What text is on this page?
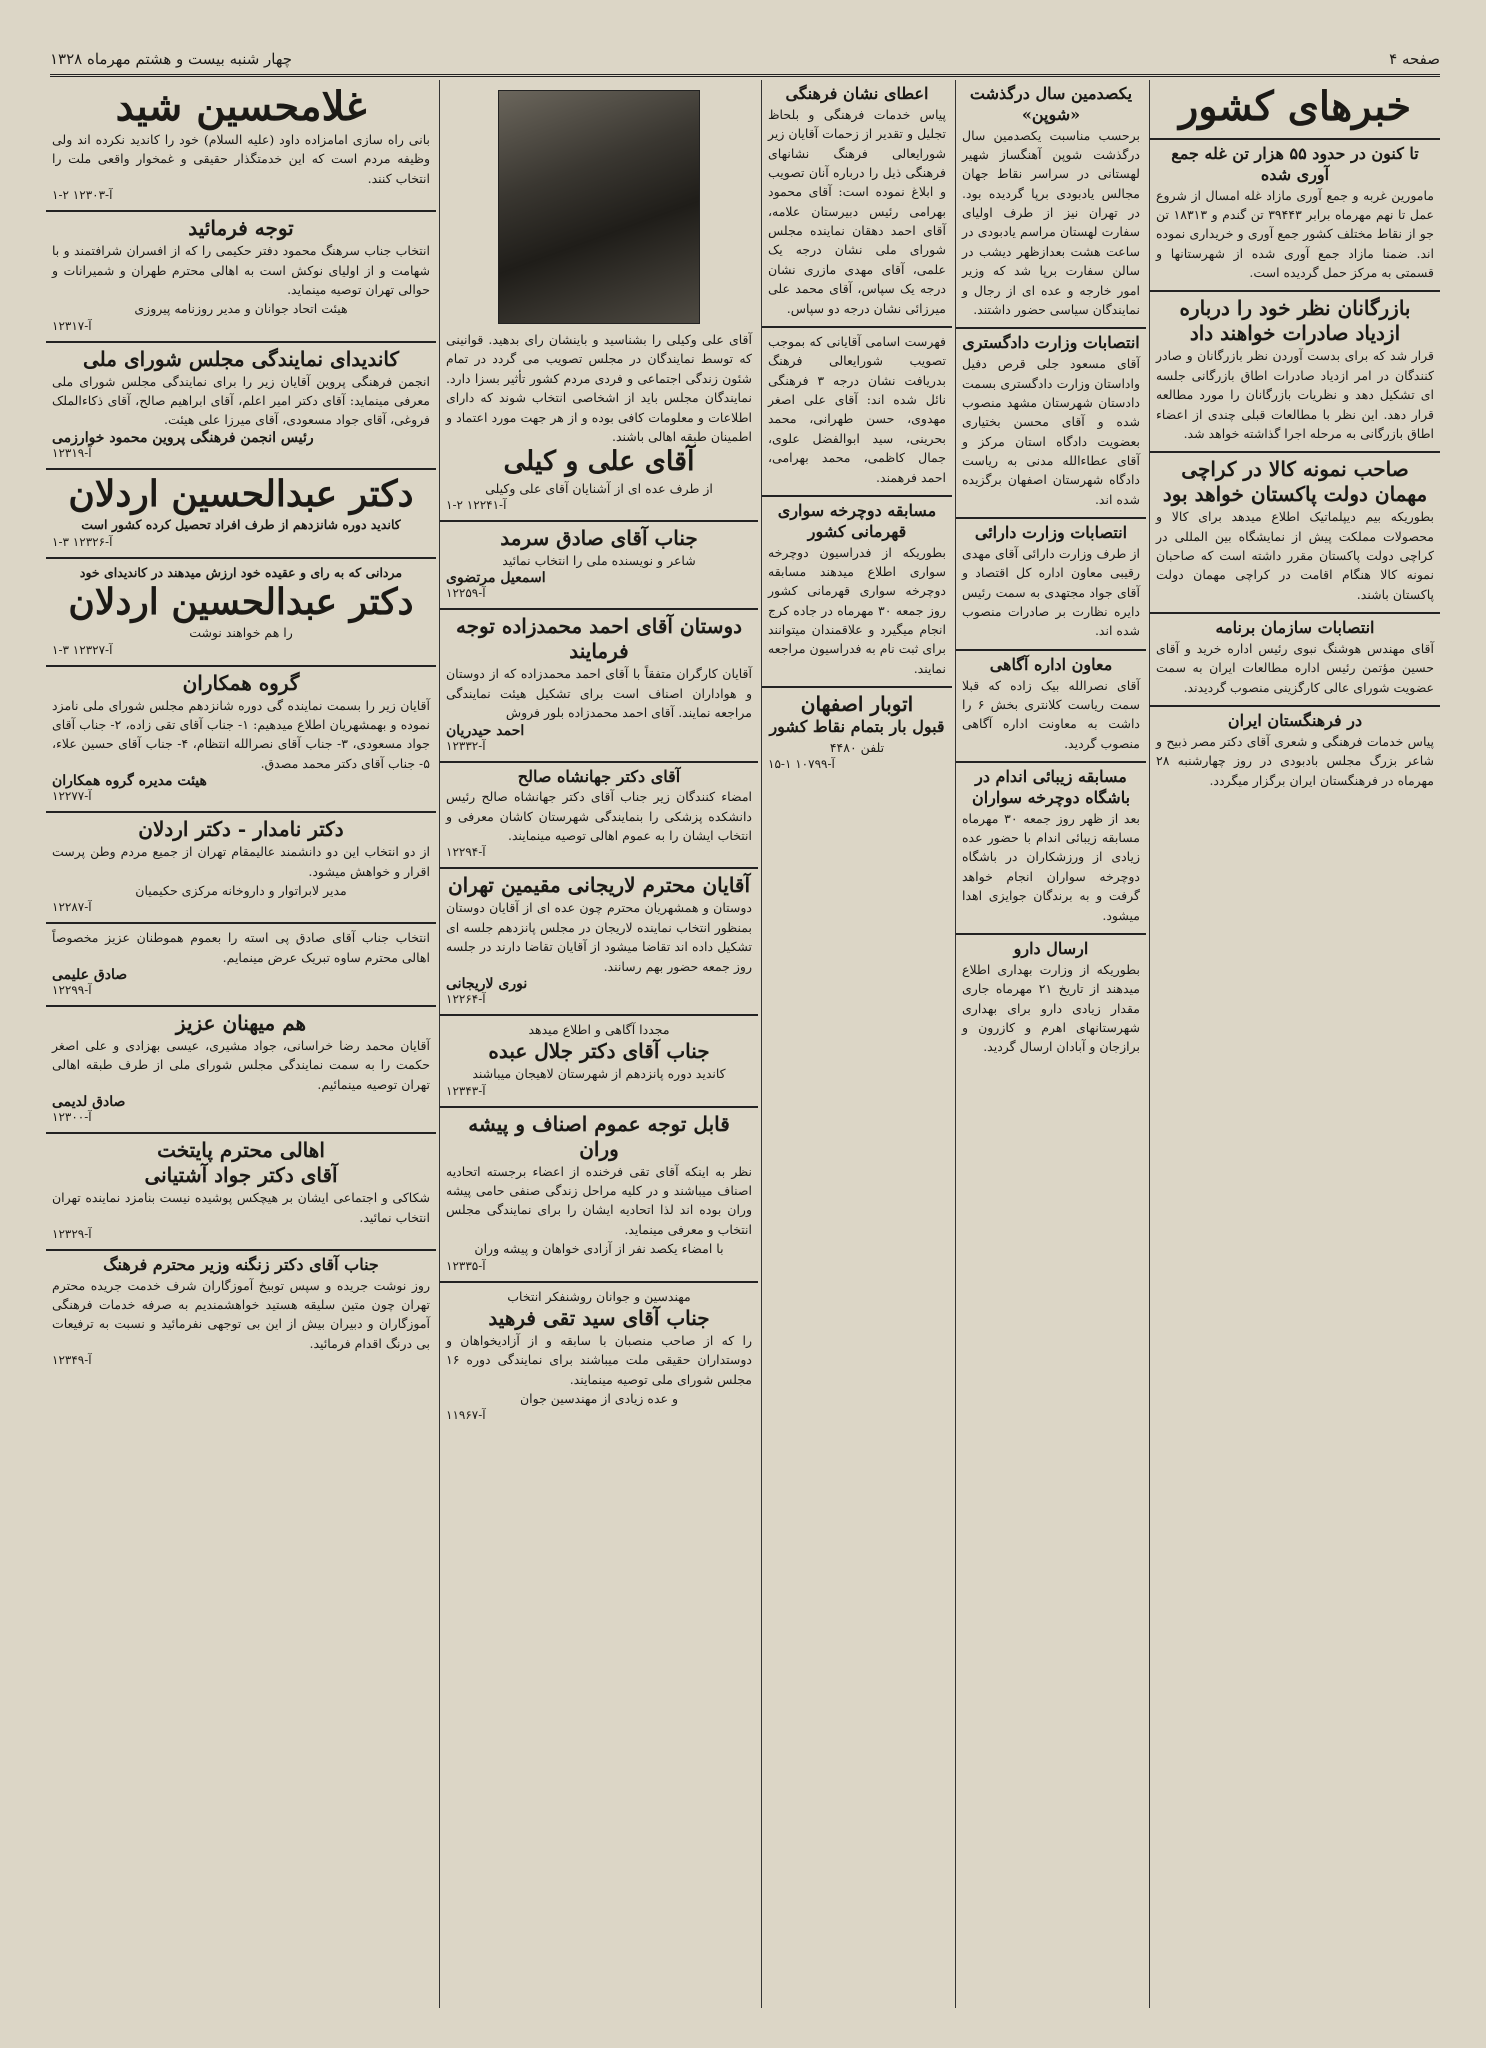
صفحه ۴
چهار شنبه بیست و هشتم مهرماه ۱۳۲۸
خبرهای کشور
تا کنون در حدود ۵۵ هزار تن غله جمع آوری شده
مامورین غربه و جمع آوری مازاد غله امسال از شروع عمل تا نهم مهرماه برابر ۳۹۴۴۳ تن گندم و ۱۸۳۱۳ تن جو از نقاط مختلف کشور جمع آوری و خریداری نموده اند. ضمنا مازاد جمع آوری شده از شهرستانها و قسمتی به مرکز حمل گردیده است.
بازرگانان نظر خود را درباره ازدیاد صادرات خواهند داد
قرار شد که برای بدست آوردن نظر بازرگانان و صادر کنندگان در امر ازدیاد صادرات اطاق بازرگانی جلسه ای تشکیل دهد و نظریات بازرگانان را مورد مطالعه قرار دهد. این نظر با مطالعات قبلی چندی از اعضاء اطاق بازرگانی به مرحله اجرا گذاشته خواهد شد.
صاحب نمونه کالا در کراچی مهمان دولت پاکستان خواهد بود
بطوریکه بیم دیپلماتیک اطلاع میدهد برای کالا و محصولات مملکت پیش از نمایشگاه بین المللی در کراچی دولت پاکستان مقرر داشته است که صاحبان نمونه کالا هنگام اقامت در کراچی مهمان دولت پاکستان باشند.
انتصابات سازمان برنامه
آقای مهندس هوشنگ نبوی رئیس اداره خرید و آقای حسین مؤتمن رئیس اداره مطالعات ایران به سمت عضویت شورای عالی کارگزینی منصوب گردیدند.
در فرهنگستان ایران
پیاس خدمات فرهنگی و شعری آقای دکتر مصر ذبیح و شاعر بزرگ مجلس بادبودی در روز چهارشنبه ۲۸ مهرماه در فرهنگستان ایران برگزار میگردد.
یکصدمین سال درگذشت «شوپن»
برحسب مناسبت یکصدمین سال درگذشت شوپن آهنگساز شهیر لهستانی در سراسر نقاط جهان مجالس یادبودی برپا گردیده بود. در تهران نیز از طرف اولیای سفارت لهستان مراسم یادبودی در ساعت هشت بعدازظهر دیشب در سالن سفارت برپا شد که وزیر امور خارجه و عده ای از رجال و نمایندگان سیاسی حضور داشتند.
انتصابات وزارت دادگستری
آقای مسعود جلی قرص دفیل واداستان وزارت دادگستری بسمت دادستان شهرستان مشهد منصوب شده و آقای محسن بختیاری بعضویت دادگاه استان مرکز و آقای عطاءالله مدنی به ریاست دادگاه شهرستان اصفهان برگزیده شده اند.
انتصابات وزارت دارائی
از طرف وزارت دارائی آقای مهدی رقیبی معاون اداره کل اقتصاد و آقای جواد مجتهدی به سمت رئیس دایره نظارت بر صادرات منصوب شده اند.
معاون اداره آگاهی
آقای نصرالله بیک زاده که قبلا سمت ریاست کلانتری بخش ۶ را داشت به معاونت اداره آگاهی منصوب گردید.
مسابقه زیبائی اندام در باشگاه دوچرخه سواران
بعد از ظهر روز جمعه ۳۰ مهرماه مسابقه زیبائی اندام با حضور عده زیادی از ورزشکاران در باشگاه دوچرخه سواران انجام خواهد گرفت و به برندگان جوایزی اهدا میشود.
ارسال دارو
بطوریکه از وزارت بهداری اطلاع میدهند از تاریخ ۲۱ مهرماه جاری مقدار زیادی دارو برای بهداری شهرستانهای اهرم و کازرون و برازجان و آبادان ارسال گردید.
اعطای نشان فرهنگی
پیاس خدمات فرهنگی و بلحاظ تجلیل و تقدیر از زحمات آقایان زیر شورایعالی فرهنگ نشانهای فرهنگی ذیل را درباره آنان تصویب و ابلاغ نموده است: آقای محمود بهرامی رئیس دبیرستان علامه، آقای احمد دهقان نماینده مجلس شورای ملی نشان درجه یک علمی، آقای مهدی مازری نشان درجه یک سپاس، آقای محمد علی میرزائی نشان درجه دو سپاس.
فهرست اسامی آقایانی که بموجب تصویب شورایعالی فرهنگ بدریافت نشان درجه ۳ فرهنگی نائل شده اند: آقای علی اصغر مهدوی، حسن طهرانی، محمد بحرینی، سید ابوالفضل علوی، جمال کاظمی، محمد بهرامی، احمد فرهمند.
مسابقه دوچرخه سواری قهرمانی کشور
بطوریکه از فدراسیون دوچرخه سواری اطلاع میدهند مسابقه دوچرخه سواری قهرمانی کشور روز جمعه ۳۰ مهرماه در جاده کرج انجام میگیرد و علاقمندان میتوانند برای ثبت نام به فدراسیون مراجعه نمایند.
اتوبار اصفهان
قبول بار بتمام نقاط کشور
تلفن ۴۴۸۰
آ-۱۰۷۹۹ ۱-۱۵
آقای علی وکیلی را بشناسید و باینشان رای بدهید. قوانینی که توسط نمایندگان در مجلس تصویب می گردد در تمام شئون زندگی اجتماعی و فردی مردم کشور تأثیر بسزا دارد. نمایندگان مجلس باید از اشخاصی انتخاب شوند که دارای اطلاعات و معلومات کافی بوده و از هر جهت مورد اعتماد و اطمینان طبقه اهالی باشند.
آقای علی و کیلی
از طرف عده ای از آشنایان آقای علی وکیلی
آ-۱۲۲۴۱ ۲-۱
جناب آقای صادق سرمد
شاعر و نویسنده ملی را انتخاب نمائید
اسمعیل مرتضوی
آ-۱۲۲۵۹
دوستان آقای احمد محمدزاده توجه فرمایند
آقایان کارگران متفقاً با آقای احمد محمدزاده که از دوستان و هواداران اصناف است برای تشکیل هیئت نمایندگی مراجعه نمایند. آقای احمد محمدزاده بلور فروش
احمد حیدریان
آ-۱۲۳۳۲
آقای دکتر جهانشاه صالح
امضاء کنندگان زیر جناب آقای دکتر جهانشاه صالح رئیس دانشکده پزشکی را بنمایندگی شهرستان کاشان معرفی و انتخاب ایشان را به عموم اهالی توصیه مینمایند.
آ-۱۲۲۹۴
آقایان محترم لاریجانی مقیمین تهران
دوستان و همشهریان محترم چون عده ای از آقایان دوستان بمنظور انتخاب نماینده لاریجان در مجلس پانزدهم جلسه ای تشکیل داده اند تقاضا میشود از آقایان تقاضا دارند در جلسه روز جمعه حضور بهم رسانند.
نوری لاریجانی
آ-۱۲۲۶۴
مجددا آگاهی و اطلاع میدهد
جناب آقای دکتر جلال عبده
کاندید دوره پانزدهم از شهرستان لاهیجان میباشند
آ-۱۲۳۴۳
قابل توجه عموم اصناف و پیشه وران
نظر به اینکه آقای تقی فرخنده از اعضاء برجسته اتحادیه اصناف میباشند و در کلیه مراحل زندگی صنفی حامی پیشه وران بوده اند لذا اتحادیه ایشان را برای نمایندگی مجلس انتخاب و معرفی مینماید.
با امضاء یکصد نفر از آزادی خواهان و پیشه وران
آ-۱۲۳۳۵
مهندسین و جوانان روشنفکر انتخاب
جناب آقای سید تقی فرهید
را که از صاحب منصبان با سابقه و از آزادیخواهان و دوستداران حقیقی ملت میباشند برای نمایندگی دوره ۱۶ مجلس شورای ملی توصیه مینمایند.
و عده زیادی از مهندسین جوان
آ-۱۱۹۶۷
غلامحسین شید
بانی راه سازی امامزاده داود (علیه السلام) خود را کاندید نکرده اند ولی وظیفه مردم است که این خدمتگذار حقیقی و غمخوار واقعی ملت را انتخاب کنند.
آ-۱۲۳۰۳ ۲-۱
توجه فرمائید
انتخاب جناب سرهنگ محمود دفتر حکیمی را که از افسران شرافتمند و با شهامت و از اولیای نوکش است به اهالی محترم طهران و شمیرانات و حوالی تهران توصیه مینماید.
هیئت اتحاد جوانان و مدیر روزنامه پیروزی
آ-۱۲۳۱۷
کاندیدای نمایندگی مجلس شورای ملی
انجمن فرهنگی پروین آقایان زیر را برای نمایندگی مجلس شورای ملی معرفی مینماید: آقای دکتر امیر اعلم، آقای ابراهیم صالح، آقای ذکاءالملک فروغی، آقای جواد مسعودی، آقای میرزا علی هیئت.
رئیس انجمن فرهنگی پروین محمود خوارزمی
آ-۱۲۳۱۹
دکتر عبدالحسین اردلان
کاندید دوره شانزدهم از طرف افراد تحصیل کرده کشور است
آ-۱۲۳۲۶ ۳-۱
مردانی که به رای و عقیده خود ارزش میدهند در کاندیدای خود
دکتر عبدالحسین اردلان
را هم خواهند نوشت
آ-۱۲۳۲۷ ۳-۱
گروه همکاران
آقایان زیر را بسمت نماینده گی دوره شانزدهم مجلس شورای ملی نامزد نموده و بهمشهریان اطلاع میدهیم: ۱- جناب آقای تقی زاده، ۲- جناب آقای جواد مسعودی، ۳- جناب آقای نصرالله انتظام، ۴- جناب آقای حسین علاء، ۵- جناب آقای دکتر محمد مصدق.
هیئت مدیره گروه همکاران
آ-۱۲۲۷۷
دکتر نامدار - دکتر اردلان
از دو انتخاب این دو دانشمند عالیمقام تهران از جمیع مردم وطن پرست اقرار و خواهش میشود.
مدیر لابراتوار و داروخانه مرکزی حکیمیان
آ-۱۲۲۸۷
انتخاب جناب آقای صادق پی استه را بعموم هموطنان عزیز مخصوصاً اهالی محترم ساوه تبریک عرض مینمایم.
صادق علیمی
آ-۱۲۲۹۹
هم میهنان عزیز
آقایان محمد رضا خراسانی، جواد مشیری، عیسی بهزادی و علی اصغر حکمت را به سمت نمایندگی مجلس شورای ملی از طرف طبقه اهالی تهران توصیه مینمائیم.
صادق لدیمی
آ-۱۲۳۰۰
اهالی محترم پایتخت
آقای دکتر جواد آشتیانی
شکاکی و اجتماعی ایشان بر هیچکس پوشیده نیست بنامزد نماینده تهران انتخاب نمائید.
آ-۱۲۳۲۹
جناب آقای دکتر زنگنه وزیر محترم فرهنگ
روز نوشت جریده و سپس توبیخ آموزگاران شرف خدمت جریده محترم تهران چون متین سلیقه هستید خواهشمندیم به صرفه خدمات فرهنگی آموزگاران و دبیران بیش از این بی توجهی نفرمائید و نسبت به ترفیعات بی درنگ اقدام فرمائید.
آ-۱۲۳۴۹
